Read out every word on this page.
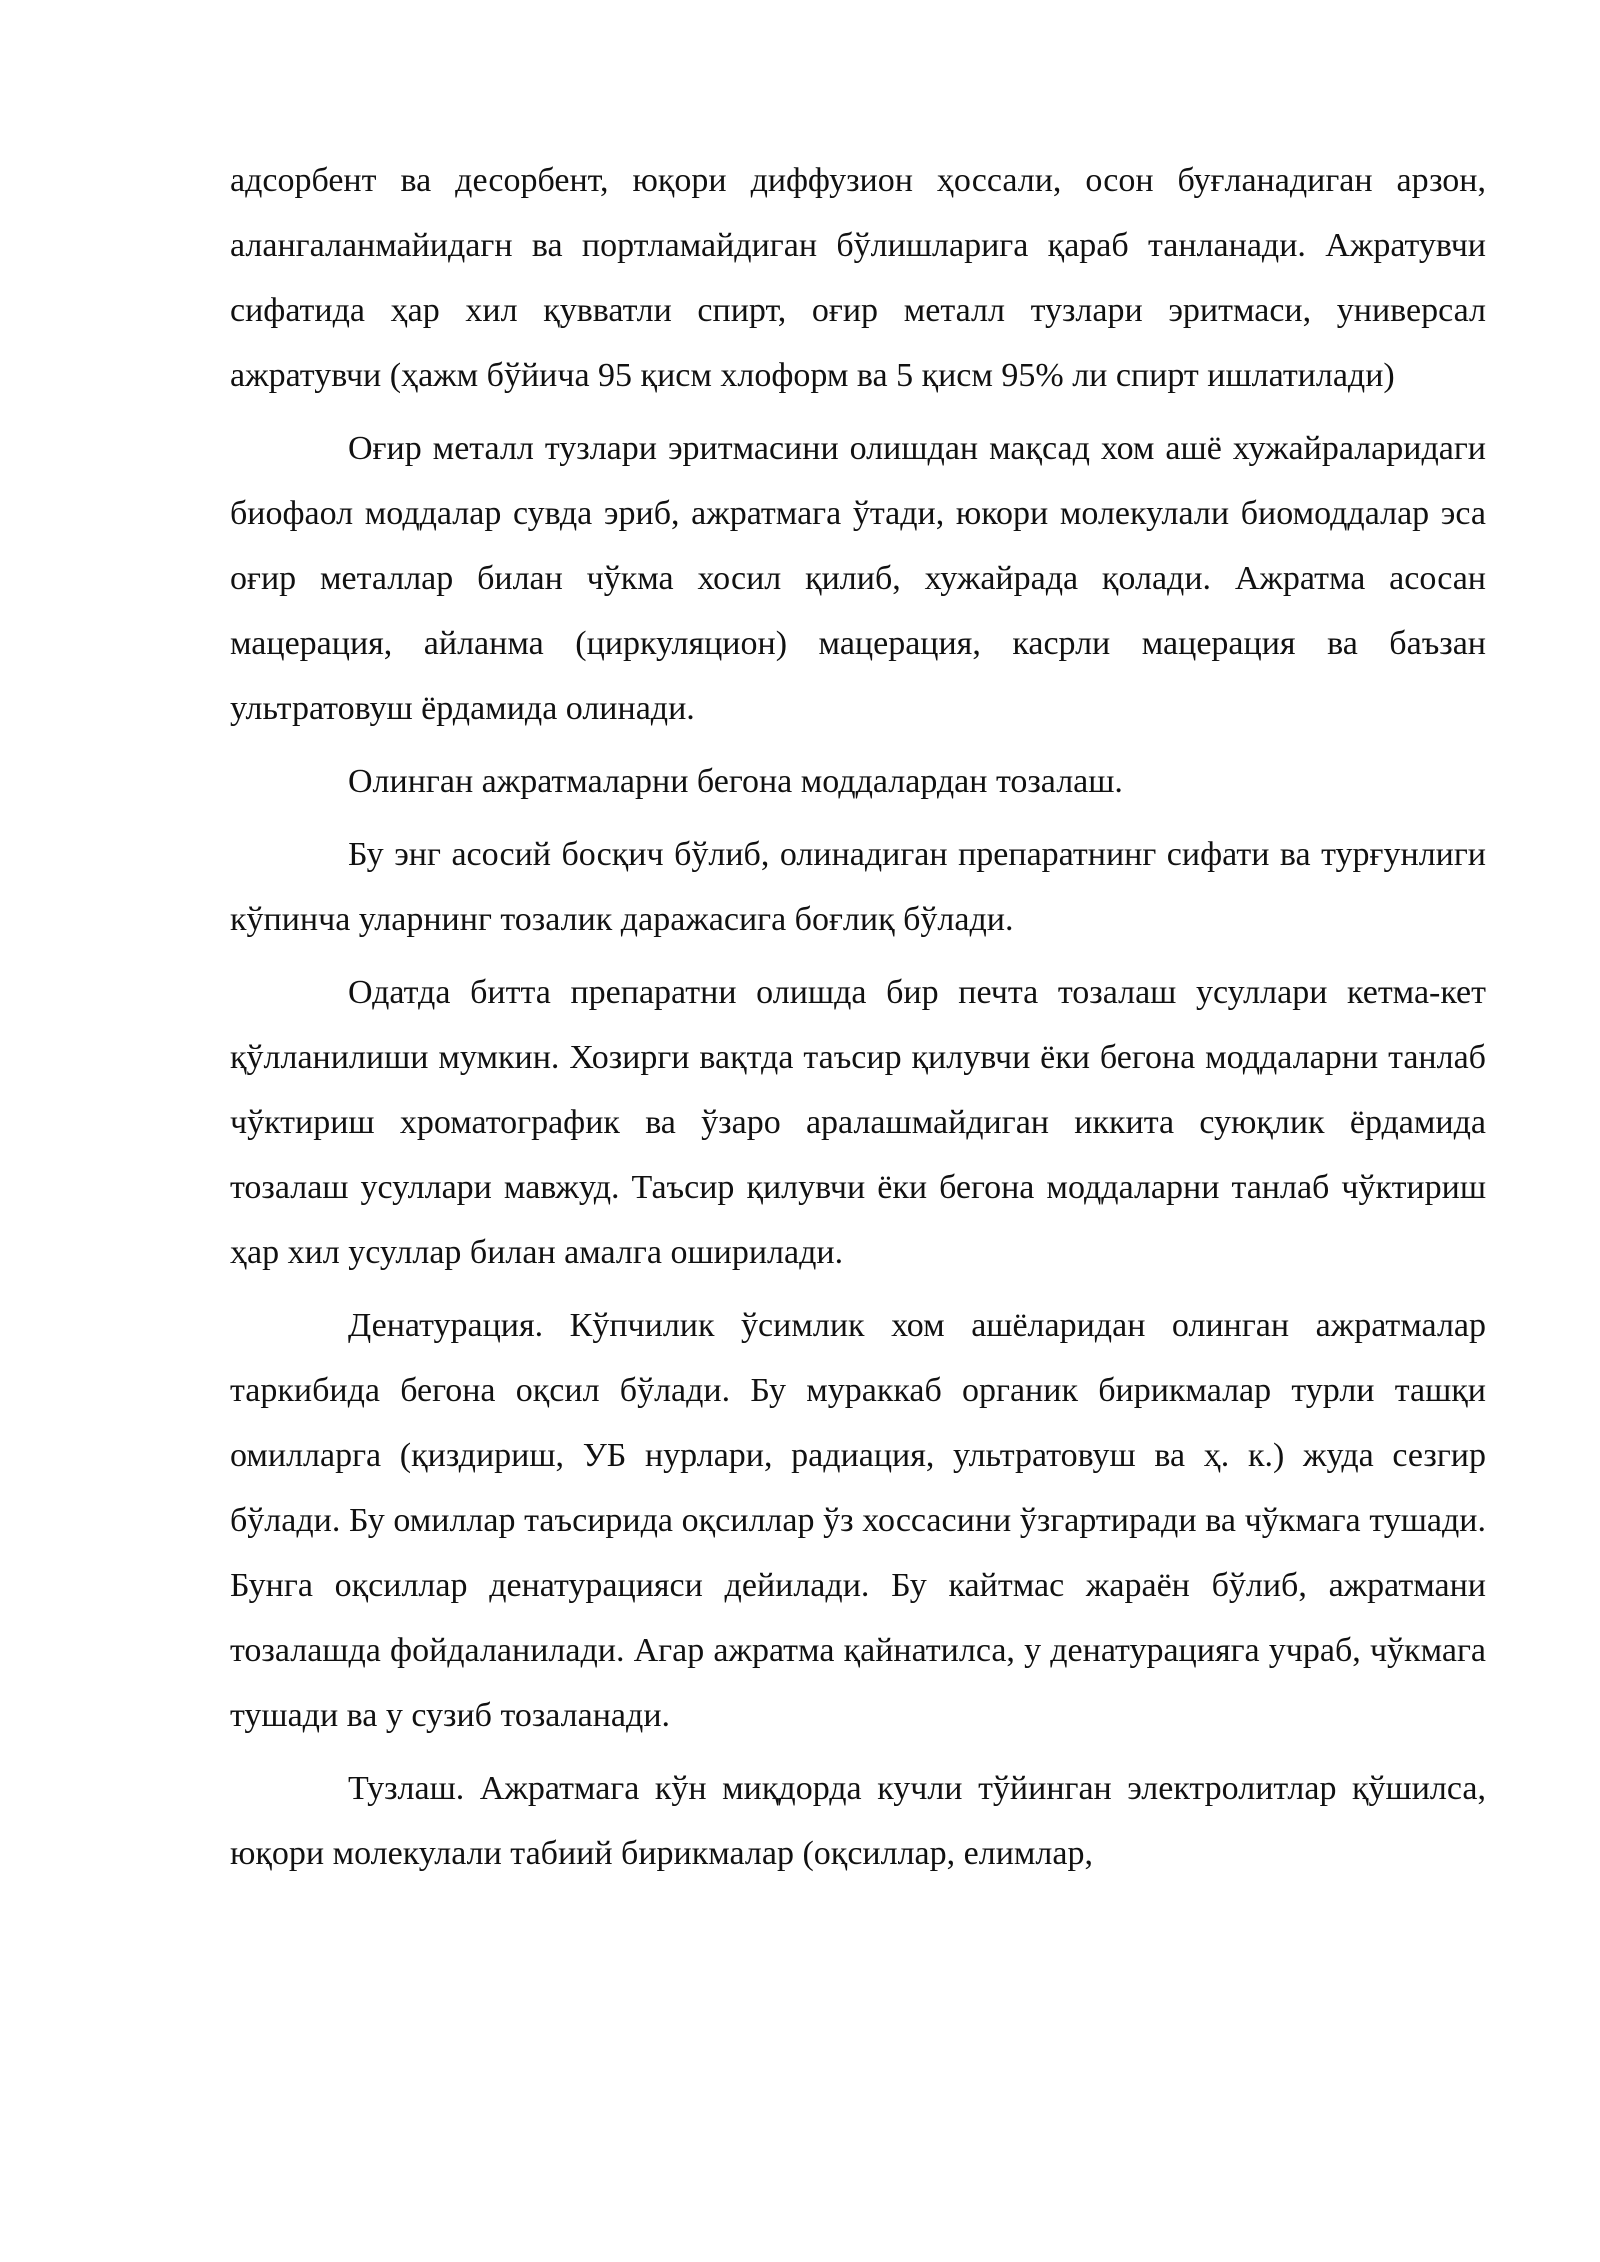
адсорбент ва десорбент, юқори диффузион ҳоссали, осон буғланадиган арзон, алангаланмайидагн ва портламайдиган бўлишларига қараб танланади. Ажратувчи сифатида ҳар хил қувватли спирт, оғир металл тузлари эритмаси, универсал ажратувчи (ҳажм бўйича 95 қисм хлоформ ва 5 қисм 95% ли спирт ишлатилади)

Оғир металл тузлари эритмасини олишдан мақсад хом ашё хужайраларидаги биофаол моддалар сувда эриб, ажратмага ўтади, юкори молекулали биомоддалар эса оғир металлар билан чўкма хосил қилиб, хужайрада қолади. Ажратма асосан мацерация, айланма (циркуляцион) мацерация, касрли мацерация ва баъзан ультратовуш ёрдамида олинади.

Олинган ажратмаларни бегона моддалардан тозалаш.

Бу энг асосий босқич бўлиб, олинадиган препаратнинг сифати ва турғунлиги кўпинча уларнинг тозалик даражасига боғлиқ бўлади.

Одатда битта препаратни олишда бир печта тозалаш усуллари кетма-кет қўлланилиши мумкин. Хозирги вақтда таъсир қилувчи ёки бегона моддаларни танлаб чўктириш хроматографик ва ўзаро аралашмайдиган иккита суюқлик ёрдамида тозалаш усуллари мавжуд. Таъсир қилувчи ёки бегона моддаларни танлаб чўктириш ҳар хил усуллар билан амалга оширилади.

Денатурация. Кўпчилик ўсимлик хом ашёларидан олинган ажратмалар таркибида бегона оқсил бўлади. Бу мураккаб органик бирикмалар турли ташқи омилларга (қиздириш, УБ нурлари, радиация, ультратовуш ва ҳ. к.) жуда сезгир бўлади. Бу омиллар таъсирида оқсиллар ўз хоссасини ўзгартиради ва чўкмага тушади. Бунга оқсиллар денатурацияси дейилади. Бу кайтмас жараён бўлиб, ажратмани тозалашда фойдаланилади. Агар ажратма қайнатилса, у денатурацияга учраб, чўкмага тушади ва у сузиб тозаланади.

Тузлаш. Ажратмага кўн миқдорда кучли тўйинган электролитлар қўшилса, юқори молекулали табиий бирикмалар (оқсиллар, елимлар,
